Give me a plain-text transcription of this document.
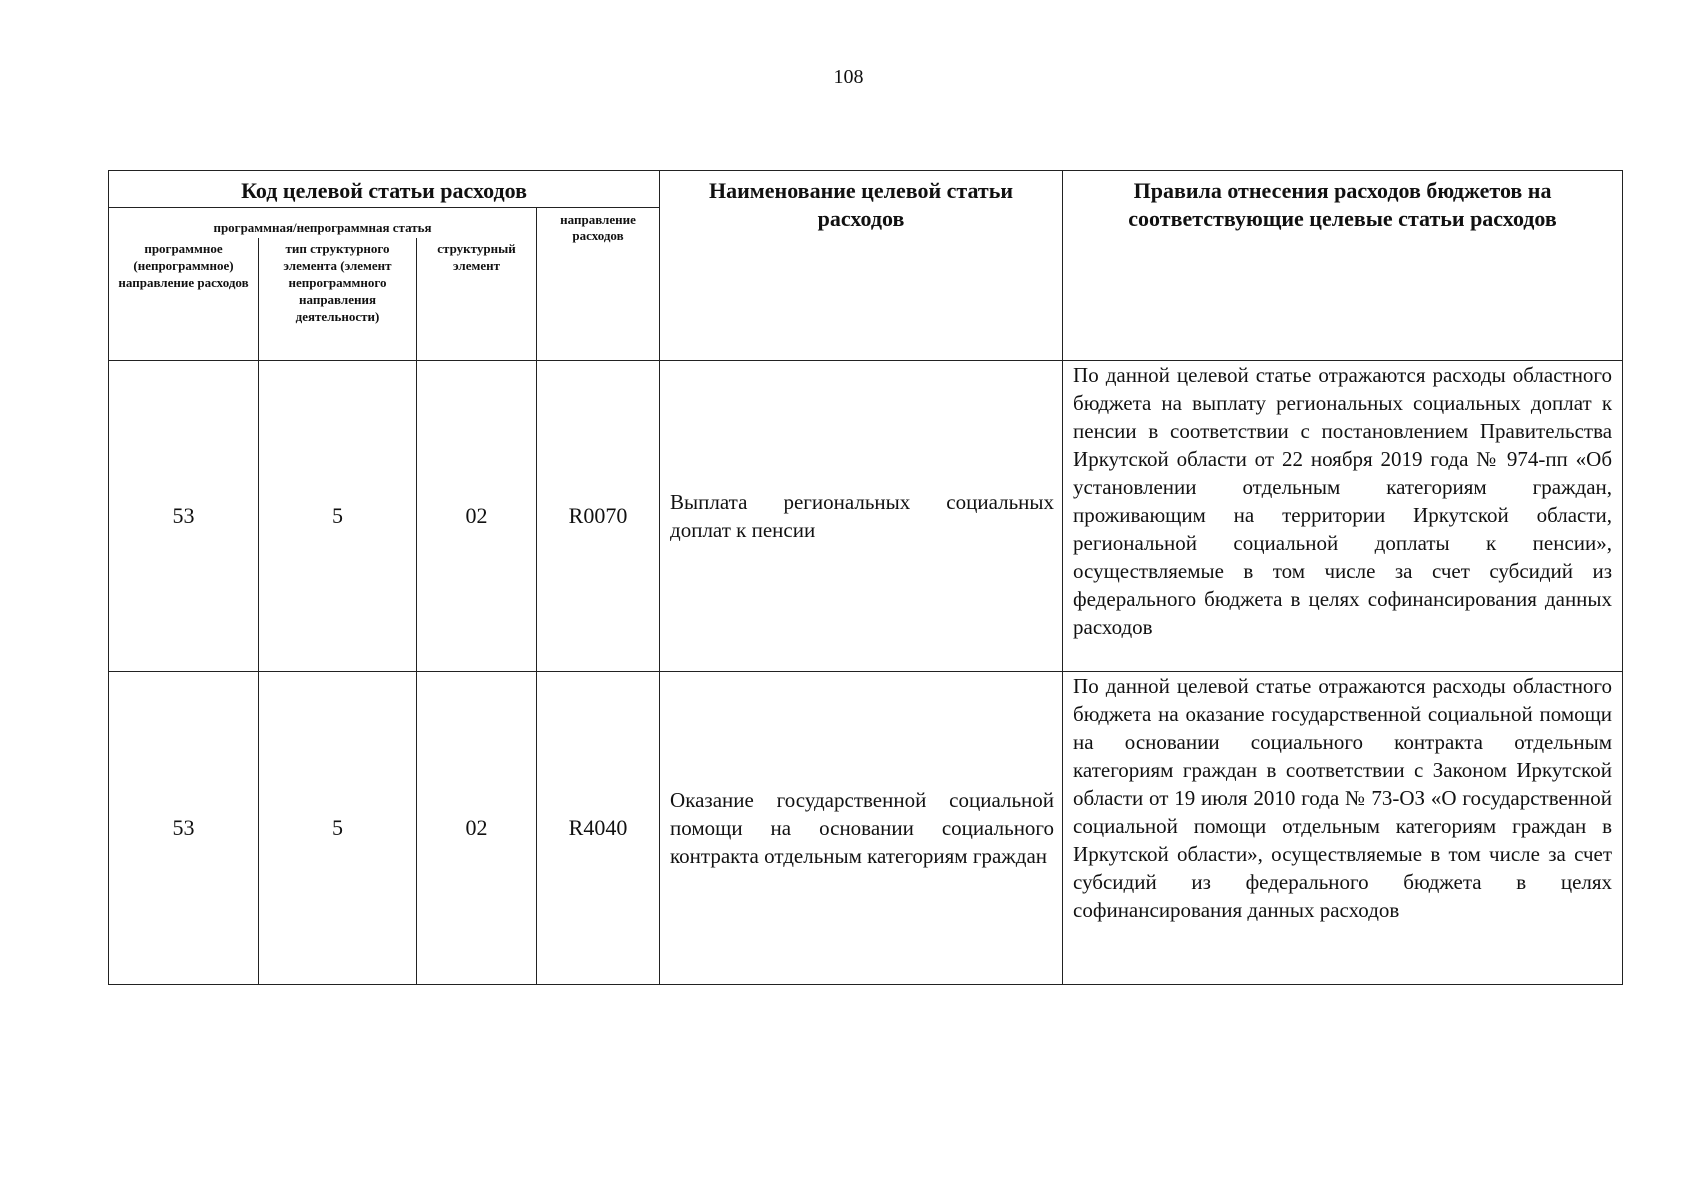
108
Код целевой статьи расходов				Наименование целевой статьи расходов	Правила отнесения расходов бюджетов на соответствующие целевые статьи расходов
программная/непрограммная статья			направление расходов		
программное (непрограммное) направление расходов	тип структурного элемента (элемент непрограммного направления деятельности)	структурный элемент			
53	5	02	R0070	Выплата региональных социальных доплат к пенсии	По данной целевой статье отражаются расходы областного бюджета на выплату региональных социальных доплат к пенсии в соответствии с постановлением Правительства Иркутской области от 22 ноября 2019 года № 974-пп «Об установлении отдельным категориям граждан, проживающим на территории Иркутской области, региональной социальной доплаты к пенсии», осуществляемые в том числе за счет субсидий из федерального бюджета в целях софинансирования данных расходов
53	5	02	R4040	Оказание государственной социальной помощи на основании социального контракта отдельным категориям граждан	По данной целевой статье отражаются расходы областного бюджета на оказание государственной социальной помощи на основании социального контракта отдельным категориям граждан в соответствии с Законом Иркутской области от 19 июля 2010 года № 73-ОЗ «О государственной социальной помощи отдельным категориям граждан в Иркутской области», осуществляемые в том числе за счет субсидий из федерального бюджета в целях софинансирования данных расходов
